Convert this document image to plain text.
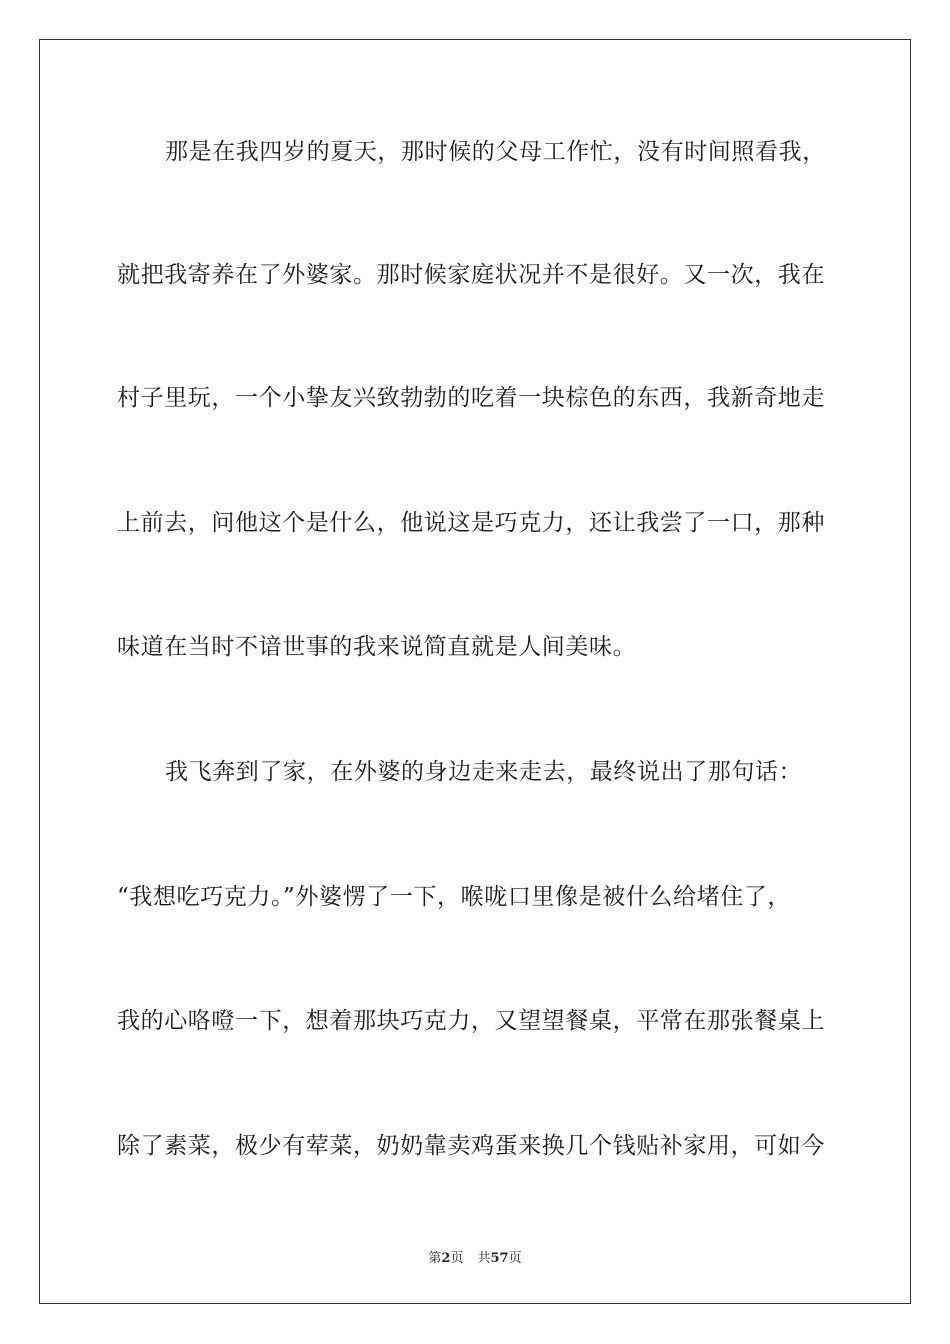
那是在我四岁的夏天，那时候的父母工作忙，没有时间照看我，
就把我寄养在了外婆家。那时候家庭状况并不是很好。又一次，我在
村子里玩，一个小挚友兴致勃勃的吃着一块棕色的东西，我新奇地走
上前去，问他这个是什么，他说这是巧克力，还让我尝了一口，那种
味道在当时不谙世事的我来说简直就是人间美味。
我飞奔到了家，在外婆的身边走来走去，最终说出了那句话：
“我想吃巧克力。”外婆愣了一下，喉咙口里像是被什么给堵住了，
我的心咯噔一下，想着那块巧克力，又望望餐桌，平常在那张餐桌上
除了素菜，极少有荤菜，奶奶靠卖鸡蛋来换几个钱贴补家用，可如今
第2页 共57页
